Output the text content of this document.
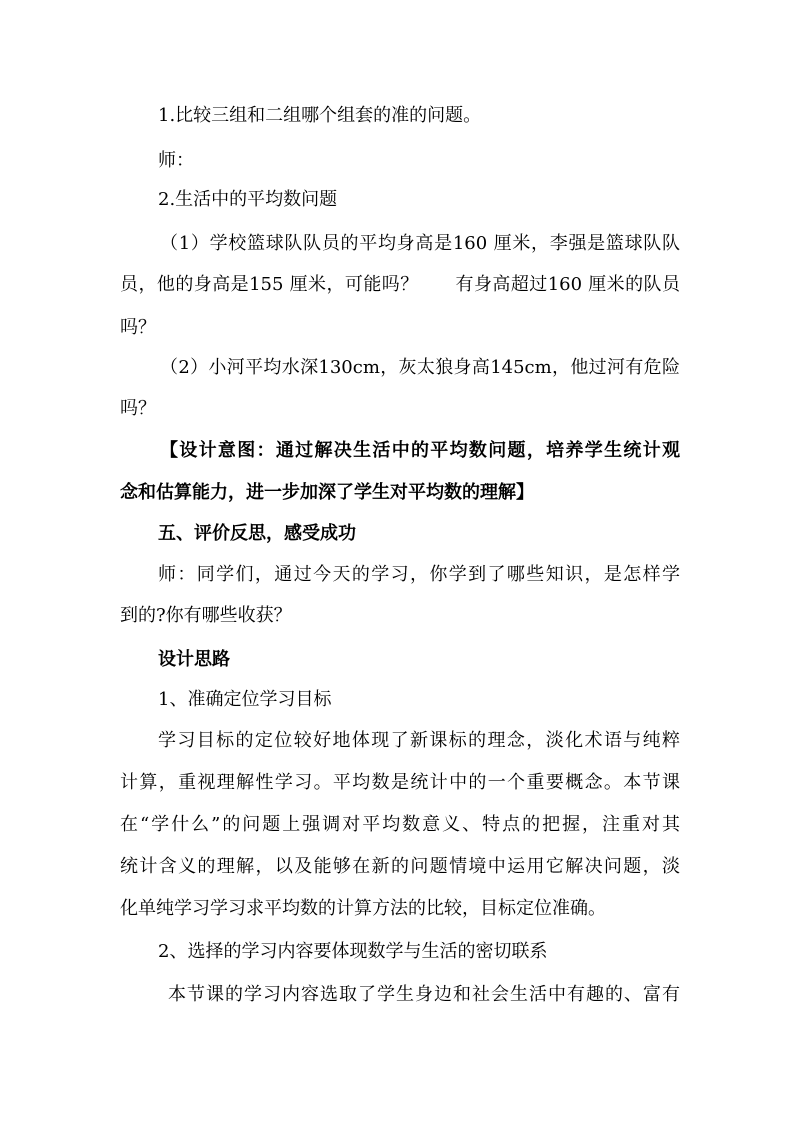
1.比较三组和二组哪个组套的准的问题。
师：
2.生活中的平均数问题
（1）学校篮球队队员的平均身高是160 厘米，李强是篮球队队
员，他的身高是155 厘米，可能吗？　　有身高超过160 厘米的队员
吗？
（2）小河平均水深130cm，灰太狼身高145cm，他过河有危险
吗？
【设计意图：通过解决生活中的平均数问题，培养学生统计观
念和估算能力，进一步加深了学生对平均数的理解】
五、评价反思，感受成功
师：同学们，通过今天的学习，你学到了哪些知识，是怎样学
到的?你有哪些收获？
设计思路
1、准确定位学习目标
学习目标的定位较好地体现了新课标的理念，淡化术语与纯粹
计算，重视理解性学习。平均数是统计中的一个重要概念。本节课
在“学什么”的问题上强调对平均数意义、特点的把握，注重对其
统计含义的理解，以及能够在新的问题情境中运用它解决问题，淡
化单纯学习学习求平均数的计算方法的比较，目标定位准确。
2、选择的学习内容要体现数学与生活的密切联系
本节课的学习内容选取了学生身边和社会生活中有趣的、富有
